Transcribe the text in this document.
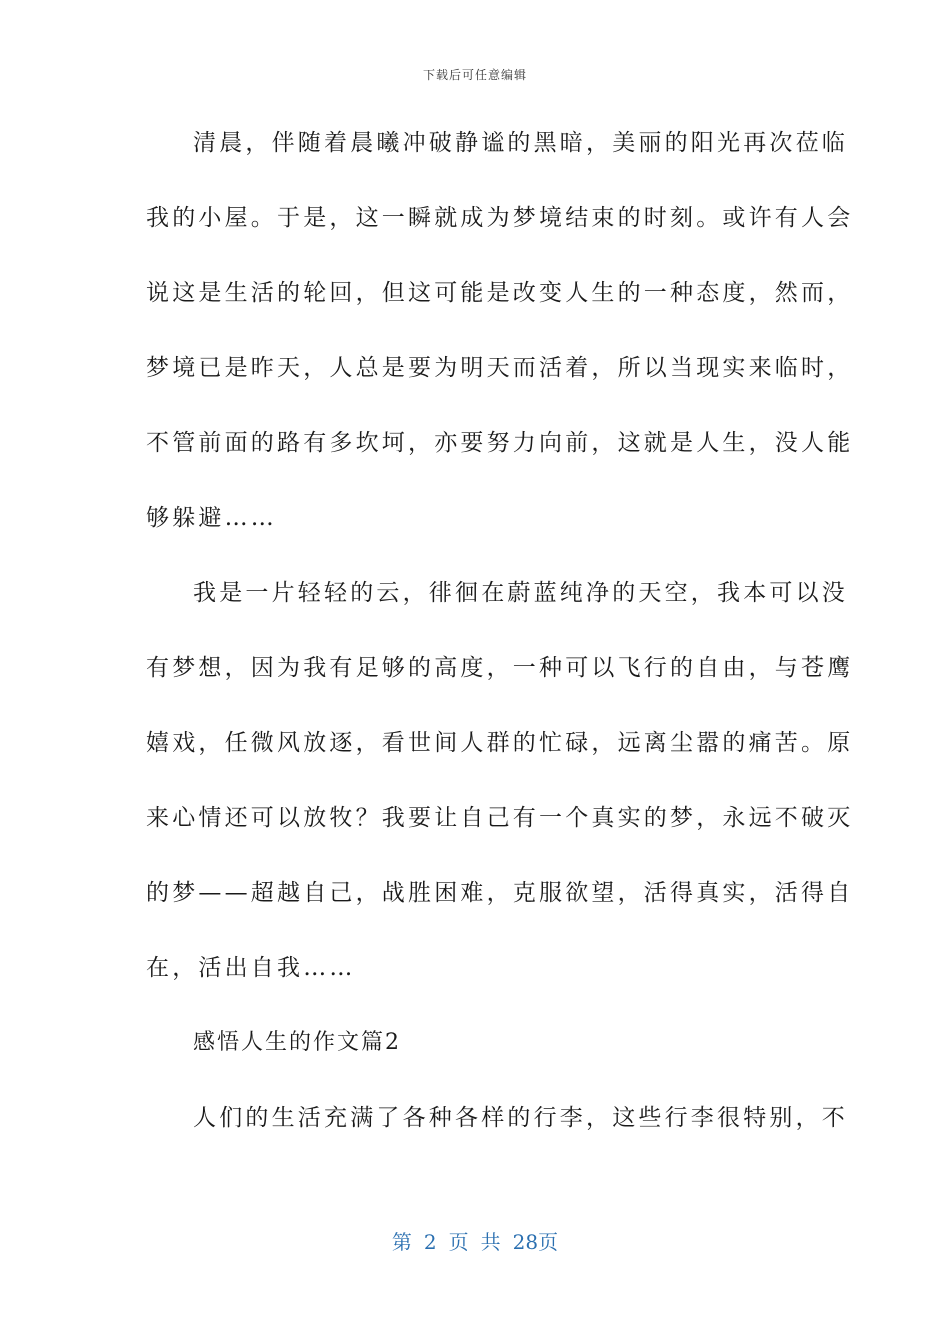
下载后可任意编辑
清晨，伴随着晨曦冲破静谧的黑暗，美丽的阳光再次莅临
我的小屋。于是，这一瞬就成为梦境结束的时刻。或许有人会
说这是生活的轮回，但这可能是改变人生的一种态度，然而，
梦境已是昨天，人总是要为明天而活着，所以当现实来临时，
不管前面的路有多坎坷，亦要努力向前，这就是人生，没人能
够躲避……
我是一片轻轻的云，徘徊在蔚蓝纯净的天空，我本可以没
有梦想，因为我有足够的高度，一种可以飞行的自由，与苍鹰
嬉戏，任微风放逐，看世间人群的忙碌，远离尘嚣的痛苦。原
来心情还可以放牧？我要让自己有一个真实的梦，永远不破灭
的梦——超越自己，战胜困难，克服欲望，活得真实，活得自
在，活出自我……
感悟人生的作文篇2
人们的生活充满了各种各样的行李，这些行李很特别，不
第 2 页 共 28页
